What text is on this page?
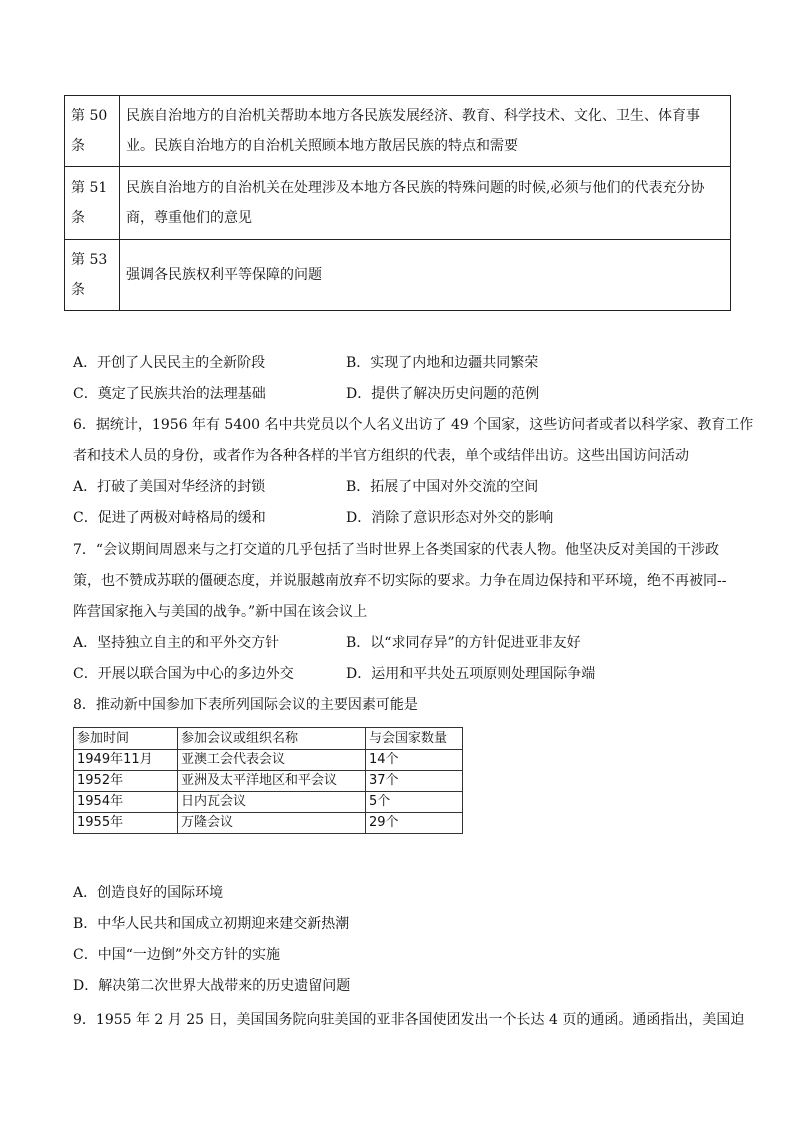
第 50
条	民族自治地方的自治机关帮助本地方各民族发展经济、教育、科学技术、文化、卫生、体育事业。民族自治地方的自治机关照顾本地方散居民族的特点和需要

第 51
条	民族自治地方的自治机关在处理涉及本地方各民族的特殊问题的时候,必须与他们的代表充分协商，尊重他们的意见

第 53
条	强调各民族权利平等保障的问题
A．开创了人民民主的全新阶段	B．实现了内地和边疆共同繁荣
C．奠定了民族共治的法理基础	D．提供了解决历史问题的范例
6．据统计，1956 年有 5400 名中共党员以个人名义出访了 49 个国家，这些访问者或者以科学家、教育工作
者和技术人员的身份，或者作为各种各样的半官方组织的代表，单个或结伴出访。这些出国访问活动
A．打破了美国对华经济的封锁	B．拓展了中国对外交流的空间
C．促进了两极对峙格局的缓和	D．消除了意识形态对外交的影响
7．“会议期间周恩来与之打交道的几乎包括了当时世界上各类国家的代表人物。他坚决反对美国的干涉政
策，也不赞成苏联的僵硬态度，并说服越南放弃不切实际的要求。力争在周边保持和平环境，绝不再被同--
阵营国家拖入与美国的战争。”新中国在该会议上
A．坚持独立自主的和平外交方针	B．以“求同存异”的方针促进亚非友好
C．开展以联合国为中心的多边外交	D．运用和平共处五项原则处理国际争端
8．推动新中国参加下表所列国际会议的主要因素可能是
参加时间	参加会议或组织名称	与会国家数量
1949年11月	亚澳工会代表会议	14个
1952年	亚洲及太平洋地区和平会议	37个
1954年	日内瓦会议	5个
1955年	万隆会议	29个
A．创造良好的国际环境
B．中华人民共和国成立初期迎来建交新热潮
C．中国“一边倒”外交方针的实施
D．解决第二次世界大战带来的历史遗留问题
9．1955 年 2 月 25 日，美国国务院向驻美国的亚非各国使团发出一个长达 4 页的通函。通函指出，美国迫
